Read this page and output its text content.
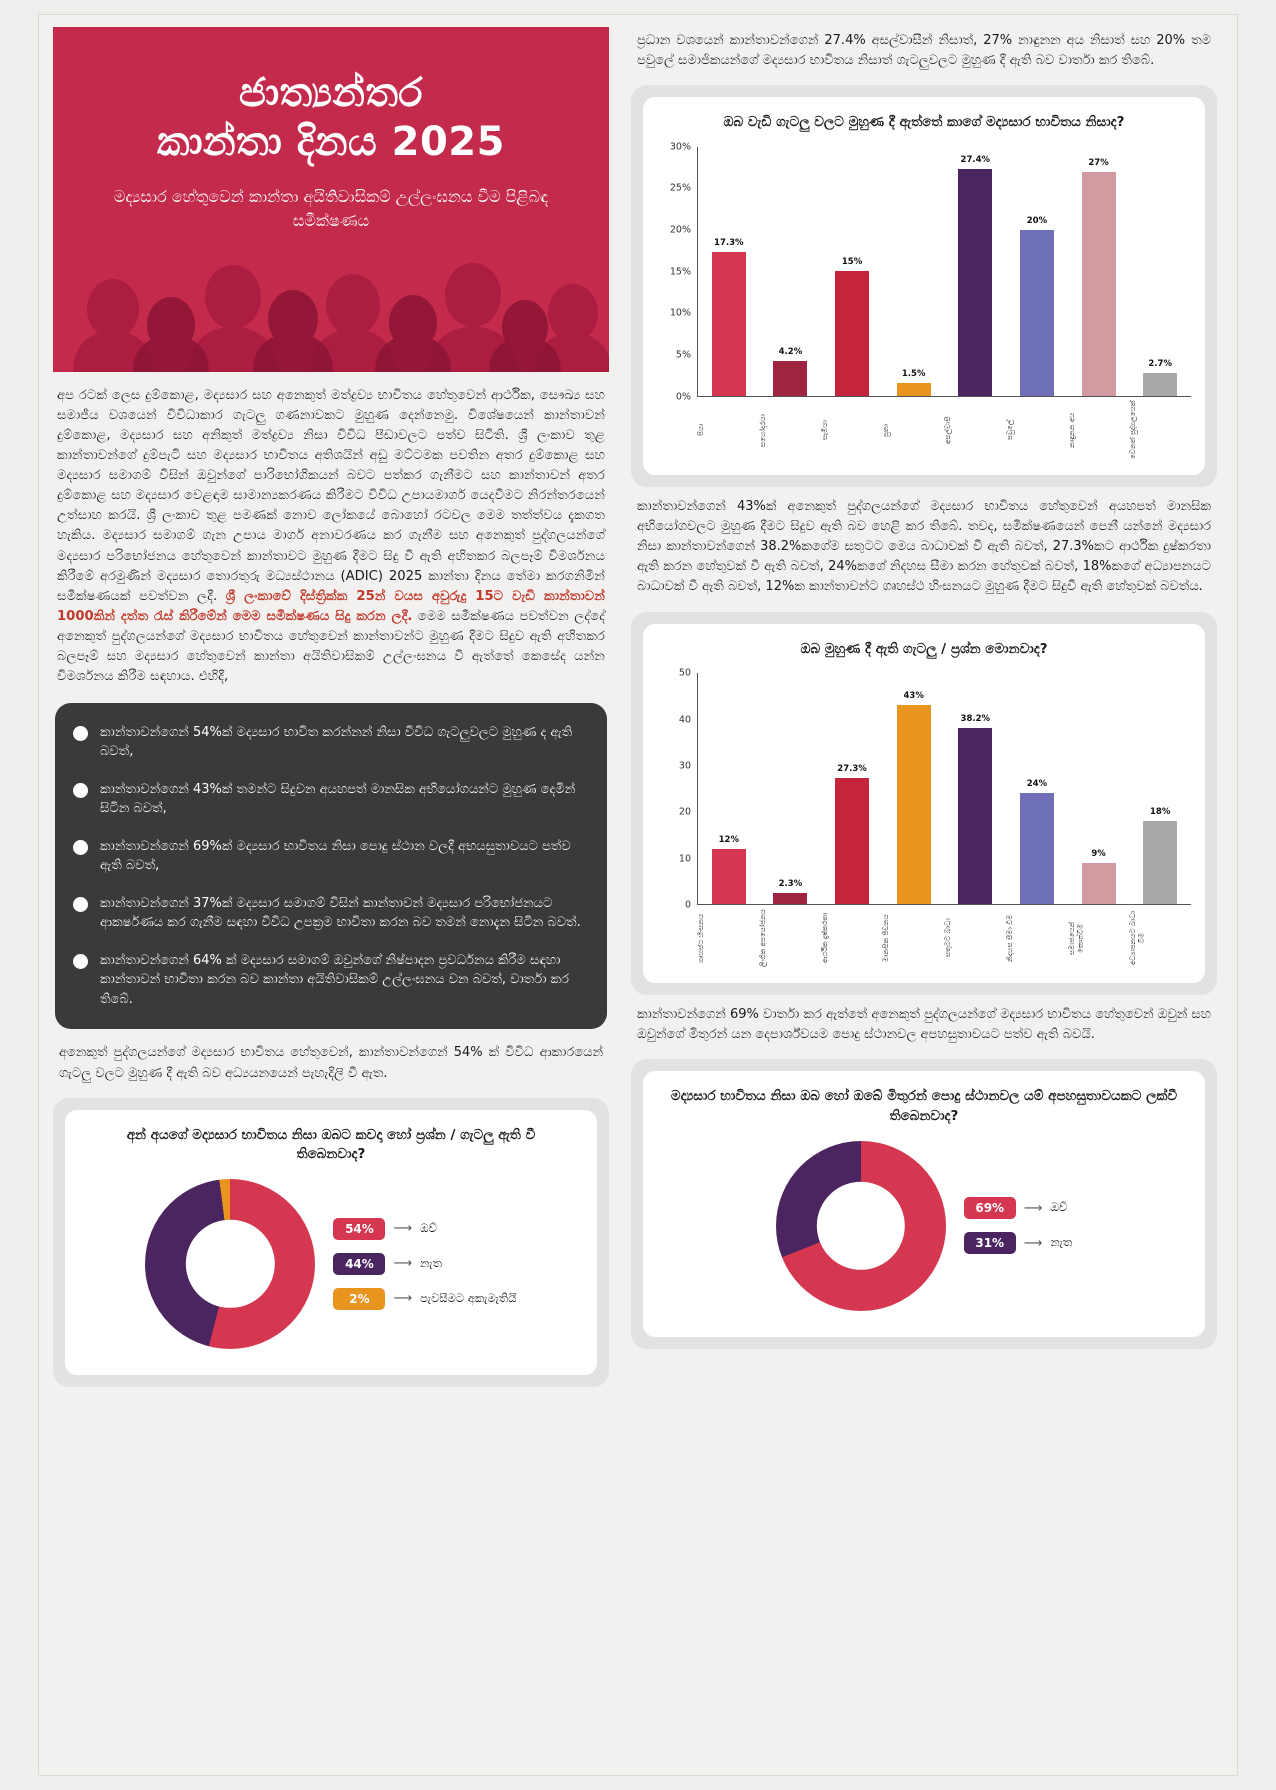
ජාත්‍යන්තර
කාන්තා දිනය 2025
මද්‍යසාර හේතුවෙන් කාන්තා අයිතිවාසිකම් උල්ලංඝනය වීම පිළිබඳ සමීක්ෂණය
අප රටක් ලෙස දුම්කොළ, මද්‍යසාර සහ අනෙකුත් මත්ද්‍රව්‍ය භාවිතය හේතුවෙන් ආර්ථික, සෞඛ්‍ය සහ සමාජීය වශයෙන් විවිධාකාර ගැටලු ගණනාවකට මුහුණ දෙන්නෙමු. විශේෂයෙන් කාන්තාවන් දුම්කොළ, මද්‍යසාර සහ අනිකුත් මත්ද්‍රව්‍ය නිසා විවිධ පීඩාවලට පත්ව සිටිති. ශ්‍රී ලංකාව තුළ කාන්තාවන්ගේ දුම්පැටි සහ මද්‍යසාර භාවිතය අතිශයින් අඩු මට්ටමක පවතින අතර දුම්කොළ සහ මද්‍යසාර සමාගම් විසින් ඔවුන්ගේ පාරිභෝගිකයන් බවට පත්කර ගැනීමට සහ කාන්තාවන් අතර දුම්කොළ සහ මද්‍යසාර වෙළඳාම සාමාන්‍යකරණය කිරීමට විවිධ උපායමාර්ග යෙදවීමට නිරන්තරයෙන් උත්සාහ කරයි. ශ්‍රී ලංකාව තුළ පමණක් නොව ලෝකයේ බොහෝ රටවල මෙම තත්ත්වය දැකගත හැකිය. මද්‍යසාර සමාගම් ගැන උපාය මාර්ග අනාවරණය කර ගැනීම සහ අනෙකුත් පුද්ගලයන්ගේ මද්‍යසාර පරිභෝජනය හේතුවෙන් කාන්තාවට මුහුණ දීමට සිදු වී ඇති අහිතකර බලපෑම් විමර්ශනය කිරීමේ අරමුණින් මද්‍යසාර තොරතුරු මධ්‍යස්ථානය (ADIC) 2025 කාන්තා දිනය තේමා කරගනිමින් සමීක්ෂණයක් පවත්වන ලදී. ශ්‍රී ලංකාවේ දිස්ත්‍රික්ක 25න් වයස අවුරුදු 15ට වැඩි කාන්තාවන් 1000කින් දත්ත රැස් කිරීමේන් මෙම සමීක්ෂණය සිදු කරන ලදී. මෙම සමීක්ෂණය පවත්වන ලද්දේ අනෙකුත් පුද්ගලයන්ගේ මද්‍යසාර භාවිතය හේතුවෙන් කාන්තාවන්ට මුහුණ දීමට සිදුව ඇති අහිතකර බලපෑම් සහ මද්‍යසාර හේතුවෙන් කාන්තා අයිතිවාසිකම් උල්ලංඝනය වී ඇත්තේ කෙසේද යන්න විමර්ශනය කිරීම සඳහාය. එහිදී,
කාන්තාවන්ගෙන් 54%ක් මද්‍යසාර භාවිත කරන්නන් නිසා විවිධ ගැටලුවලට මුහුණ ද ඇති බවත්,
කාන්තාවන්ගෙන් 43%ක් තමන්ට සිදුවන අයහපත් මානසික අභියෝගයන්ට මුහුණ දෙමින් සිටින බවත්,
කාන්තාවන්ගෙන් 69%ක් මද්‍යසාර භාවිතය නිසා පොදු ස්ථාන වලදී අභයසුතාවයට පත්ව ඇති බවත්,
කාන්තාවන්ගෙන් 37%ක් මද්‍යසාර සමාගම් විසින් කාන්තාවන් මද්‍යසාර පරිභෝජනයට ආකර්ෂණය කර ගැනීම සඳහා විවිධ උපක්‍රම භාවිතා කරන බව තමන් නොදැන සිටින බවත්.
කාන්තාවන්ගෙන් 64% ක් මද්‍යසාර සමාගම් ඔවුන්ගේ නිෂ්පාදන ප්‍රවර්ධනය කිරීම සඳහා කාන්තාවන් භාවිතා කරන බව කාන්තා අයිතිවාසිකම් උල්ලංඝනය වන බවත්, වාර්තා කර තිබේ.
අනෙකුත් පුද්ගලයන්ගේ මද්‍යසාර භාවිතය හේතුවෙන්, කාන්තාවන්ගෙන් 54% ක් විවිධ ආකාරයෙන් ගැටලු වලට මුහුණ දී ඇති බව අධ්‍යයනයෙන් පැහැදිලි වී ඇත.
අන් අයගේ මද්‍යසාර භාවිතය නිසා ඔබට කවදා හෝ ප්‍රශ්න / ගැටලු ඇති වී තිබෙනවාද?
54%	⟶ ඔව්
44%	⟶ නැත
2%	⟶ පැවසීමට අකැමැතියි
ප්‍රධාන වශයෙන් කාන්තාවන්ගෙන් 27.4% අසල්වාසීන් නිසාත්, 27% නාඳුනන අය නිසාත් සහ 20% තම පවුලේ සමාජිකයන්ගේ මද්‍යසාර භාවිතය නිසාත් ගැටලුවලට මුහුණ දී ඇති බව වාර්තා කර තිබේ.
ඔබ වැඩි ගැටලු වලට මුහුණ දී ඇත්තේ කාගේ මද්‍යසාර භාවිතය නිසාද?
0%
5%
10%
15%
20%
25%
30%
17.3%
4.2%
15%
1.5%
27.4%
20%
27%
2.7%
පියා	සහෝදරයා	සැමියා	පුතා	අසල්වාසී	පවුලේ	නාඳුනන අය	වෙනත් පුද්ගලයෙක්
කාන්තාවන්ගෙන් 43%ක් අනෙකුත් පුද්ගලයන්ගේ මද්‍යසාර භාවිතය හේතුවෙන් අයහපත් මානසික අභියෝගවලට මුහුණ දීමට සිදුව ඇති බව හෙළි කර තිබේ. තවද, සමීක්ෂණයෙන් පෙනී යන්නේ මද්‍යසාර නිසා කාන්තාවන්ගෙන් 38.2%කගේම සතුටට මෙය බාධාවක් වී ඇති බවත්, 27.3%කට ආර්ථික දුෂ්කරතා ඇති කරන හේතුවක් වී ඇති බවත්, 24%කගේ නිදහස සීමා කරන හේතුවක් බවත්, 18%කගේ අධ්‍යාපනයට බාධාවක් වී ඇති බවත්, 12%ක කාන්තාවන්ට ගෘහස්ථ හිංසනයට මුහුණ දීමට සිදුවී ඇති හේතුවක් බවත්ය.
ඔබ මුහුණ දී ඇති ගැටලු / ප්‍රශ්න මොනවාද?
0
10
20
30
40
50
12%
2.3%
27.3%
43%
38.2%
24%
9%
18%
ගෘහස්ථ හිංසනය	ලිංගික අපයෝජනය	ආර්ථික දුෂ්කරතා	මානසික පීඩනය	සතුටට බාධා	නිදහස සීමා වීම	සමාජයෙන් කොන්වීම	අධ්‍යාපනයට බාධා වීම
කාන්තාවන්ගෙන් 69% වාර්තා කර ඇත්තේ අනෙකුත් පුද්ගලයන්ගේ මද්‍යසාර භාවිතය හේතුවෙන් ඔවුන් සහ ඔවුන්ගේ මිතුරන් යන දෙපාර්ශ්වයම පොදු ස්ථානවල අපහසුතාවයට පත්ව ඇති බවයි.
මද්‍යසාර භාවිතය නිසා ඔබ හෝ ඔබේ මිතුරන් පොදු ස්ථානවල යම් අපහසුතාවයකට ලක්වී තිබෙනවාද?
69%	⟶ ඔව්
31%	⟶ නැත
